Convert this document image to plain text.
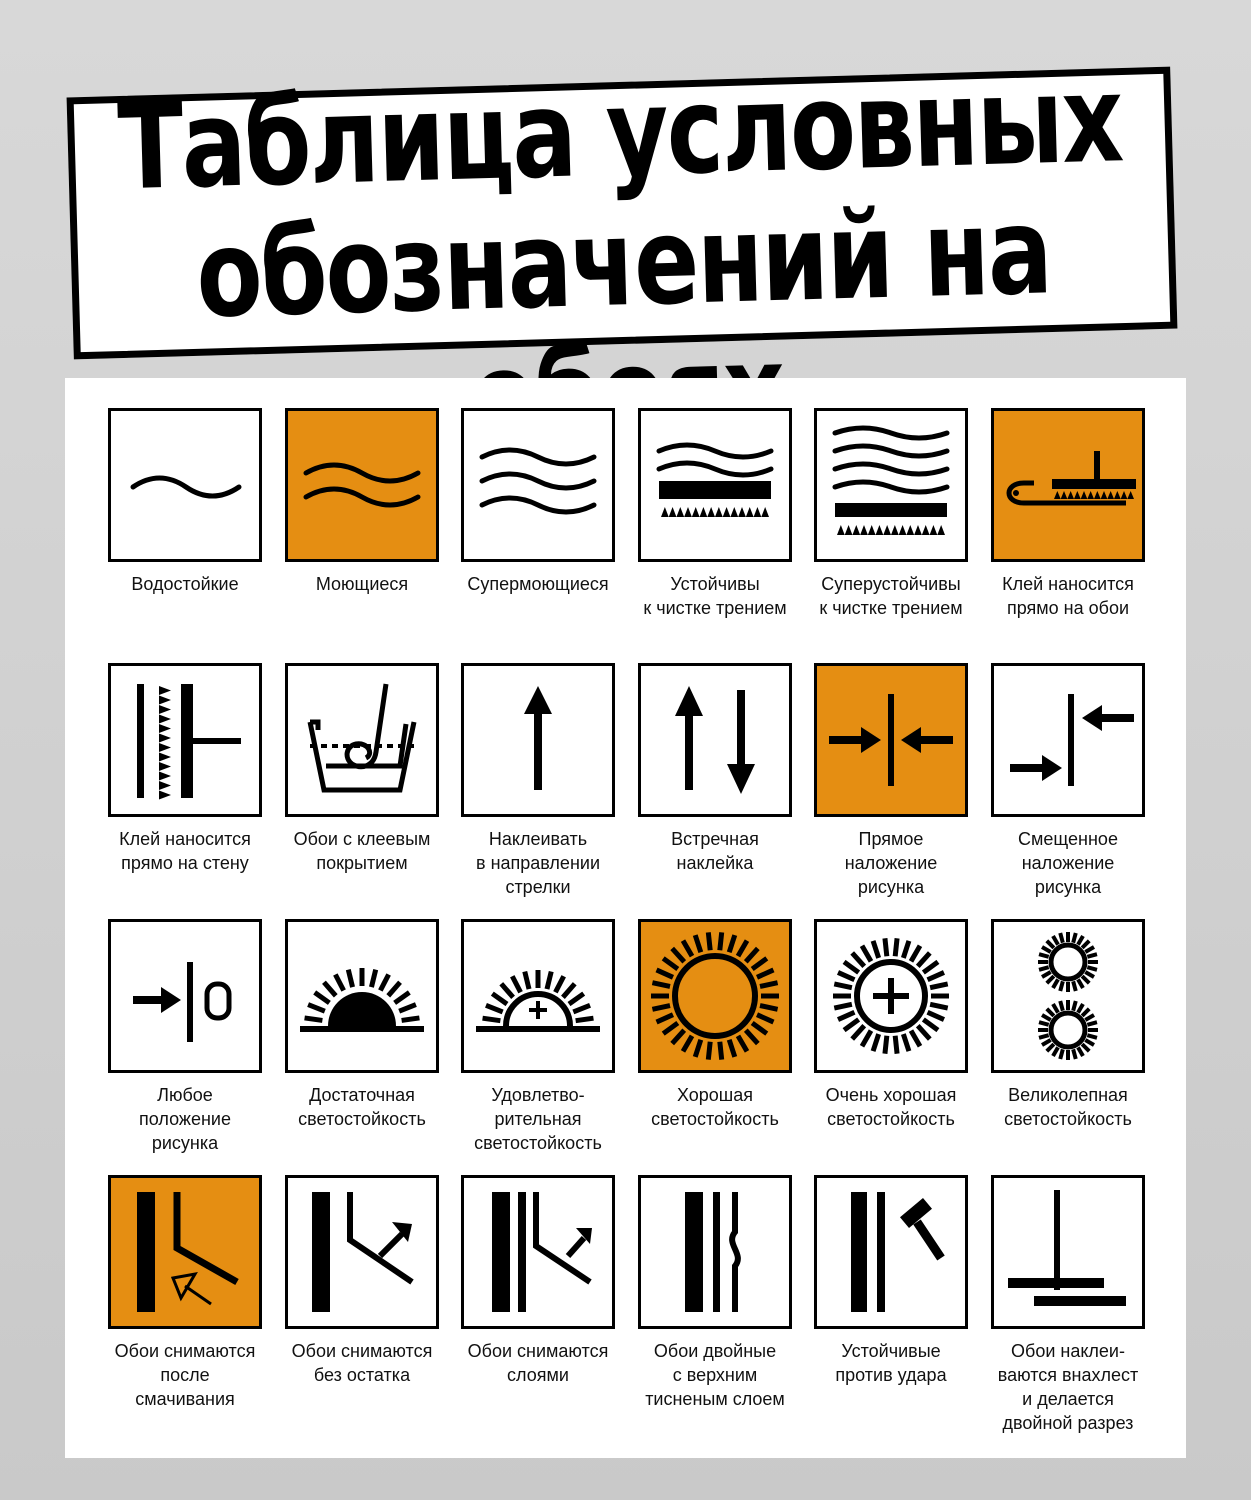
Таблица условных
обозначений на
Водостойкие	Моющиеся	Супермоющиеся	Устойчивы
к чистке трением
Суперустойчивы
к чистке трением
Клей наносится
прямо на обои
Клей наносится
прямо на стену
Обои с клеевым
покрытием
Наклеивать
в направлении
стрелки
Встречная
наклейка
Прямое
наложение
рисунка
Смещенное
наложение
рисунка
Любое
положение
рисунка
Достаточная
светостойкость
Удовлетво-
рительная
светостойкость
Хорошая
светостойкость
Очень хорошая
светостойкость
Великолепная
светостойкость
Обои снимаются
после
смачивания
Обои снимаются
без остатка
Обои снимаются
слоями
Обои двойные
с верхним
тисненым слоем
Устойчивые
против удара
Обои наклеи-
ваются внахлест
и делается
двойной разрез
